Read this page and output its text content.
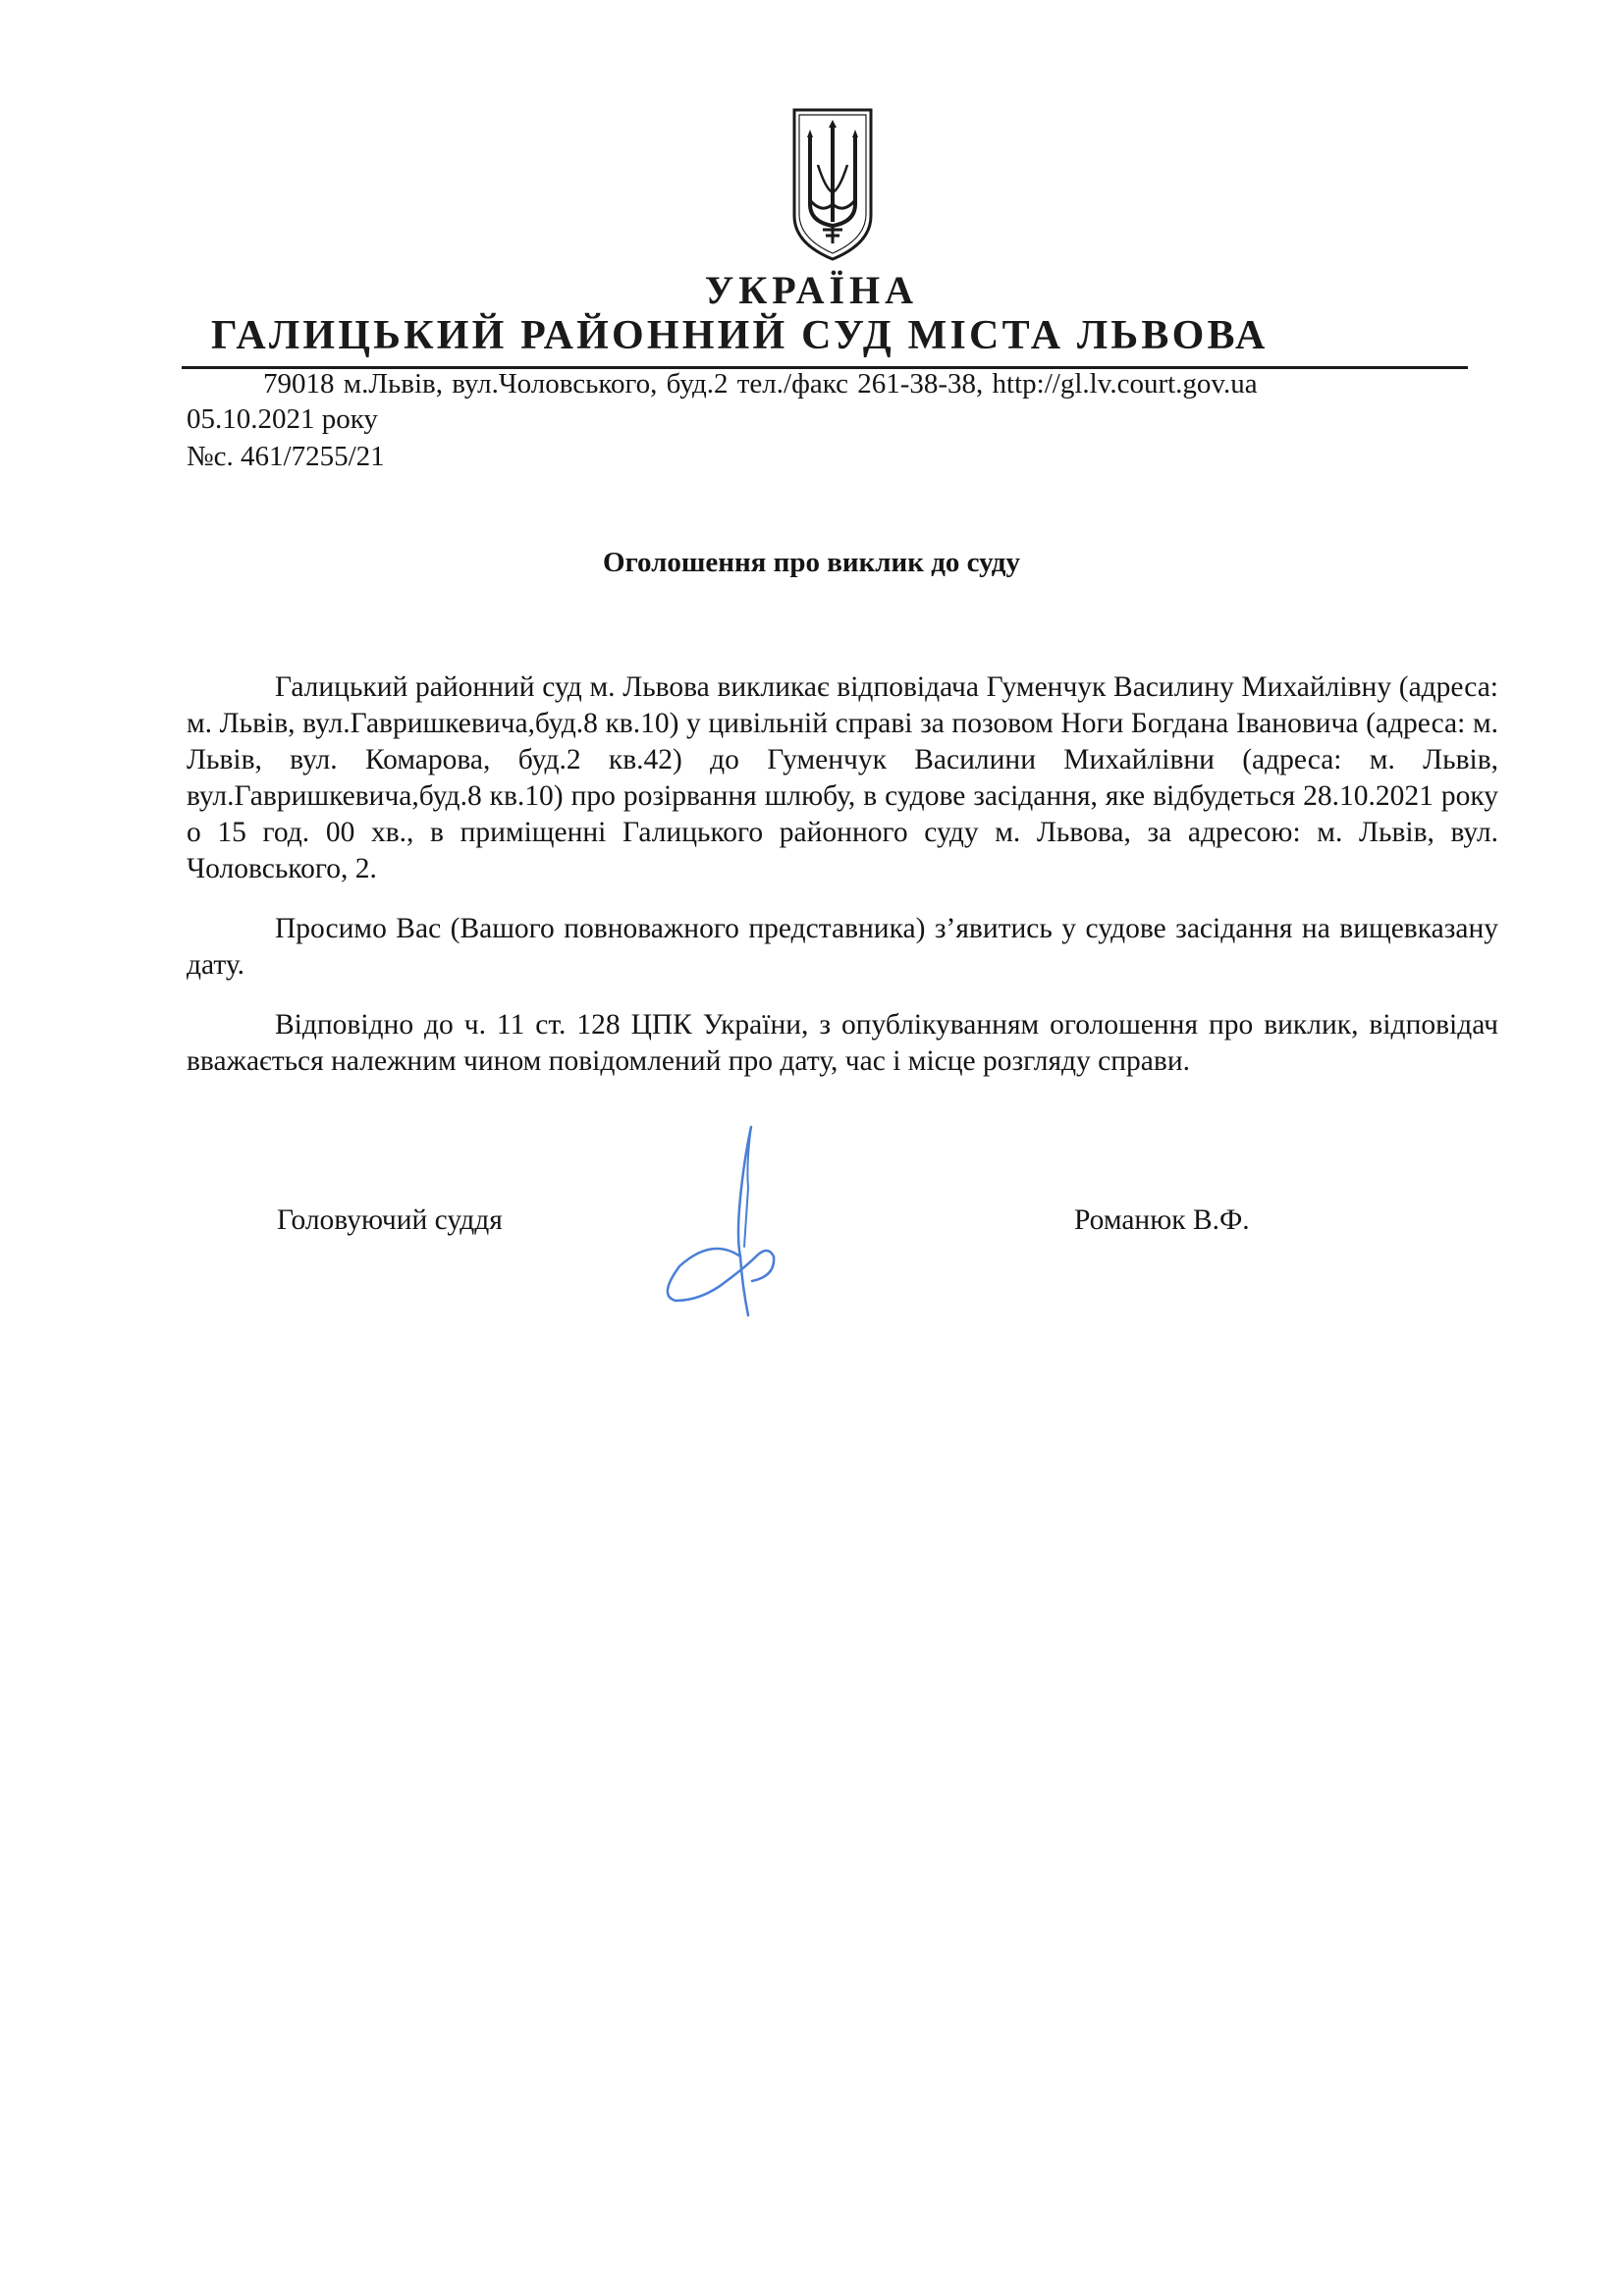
УКРАЇНА
ГАЛИЦЬКИЙ РАЙОННИЙ СУД МІСТА ЛЬВОВА
79018 м.Львів, вул.Чоловського, буд.2 тел./факс 261-38-38, http://gl.lv.court.gov.ua
05.10.2021 року
№с. 461/7255/21
Оголошення про виклик до суду

Галицький районний суд м. Львова викликає відповідача Гуменчук Василину Михайлівну (адреса: м. Львів, вул.Гавришкевича,буд.8 кв.10) у цивільній справі за позовом Ноги Богдана Івановича (адреса: м. Львів, вул. Комарова, буд.2 кв.42) до Гуменчук Василини Михайлівни (адреса: м. Львів, вул.Гавришкевича,буд.8 кв.10) про розірвання шлюбу, в судове засідання, яке відбудеться 28.10.2021 року о 15 год. 00 хв., в приміщенні Галицького районного суду м. Львова, за адресою: м. Львів, вул. Чоловського, 2.

Просимо Вас (Вашого повноважного представника) з’явитись у судове засідання на вищевказану дату.

Відповідно до ч. 11 ст. 128 ЦПК України, з опублікуванням оголошення про виклик, відповідач вважається належним чином повідомлений про дату, час і місце розгляду справи.

Головуючий суддя	Романюк В.Ф.
